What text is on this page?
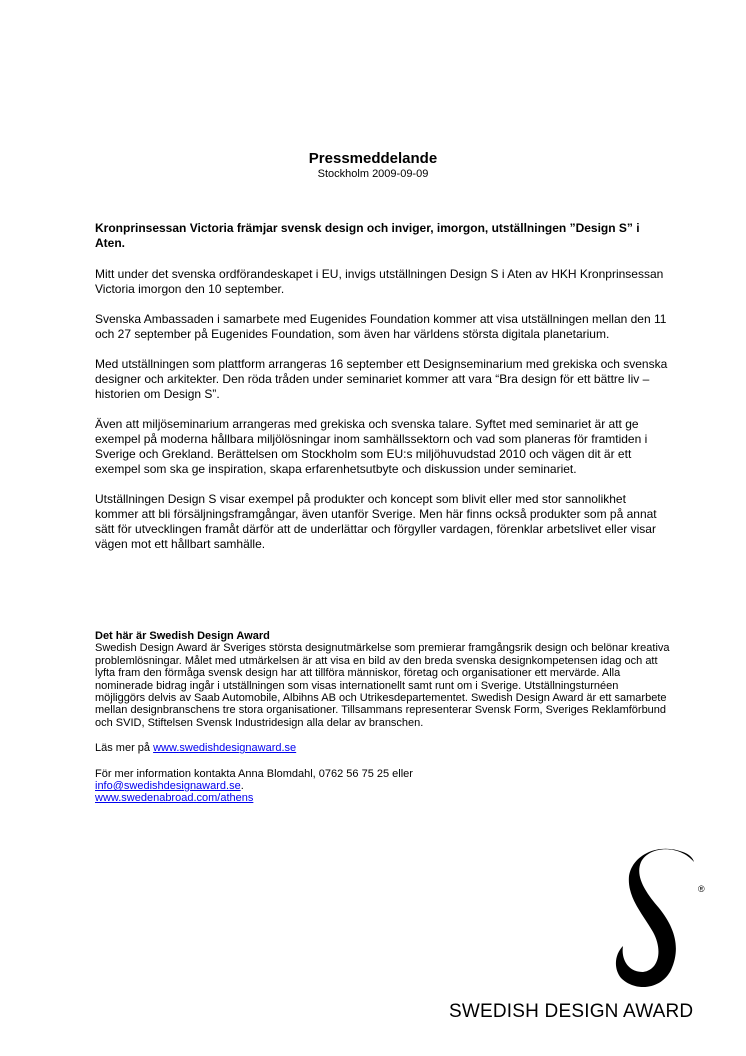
Pressmeddelande
Stockholm 2009-09-09

Kronprinsessan Victoria främjar svensk design och inviger, imorgon, utställningen ”Design S” i Aten.

Mitt under det svenska ordförandeskapet i EU, invigs utställningen Design S i Aten av HKH Kronprinsessan Victoria imorgon den 10 september.

Svenska Ambassaden i samarbete med Eugenides Foundation kommer att visa utställningen mellan den 11 och 27 september på Eugenides Foundation, som även har världens största digitala planetarium.

Med utställningen som plattform arrangeras 16 september ett Designseminarium med grekiska och svenska designer och arkitekter. Den röda tråden under seminariet kommer att vara “Bra design för ett bättre liv – historien om Design S”.

Även att miljöseminarium arrangeras med grekiska och svenska talare. Syftet med seminariet är att ge exempel på moderna hållbara miljölösningar inom samhällssektorn och vad som planeras för framtiden i Sverige och Grekland. Berättelsen om Stockholm som EU:s miljöhuvudstad 2010 och vägen dit är ett exempel som ska ge inspiration, skapa erfarenhetsutbyte och diskussion under seminariet.

Utställningen Design S visar exempel på produkter och koncept som blivit eller med stor sannolikhet kommer att bli försäljningsframgångar, även utanför Sverige. Men här finns också produkter som på annat sätt för utvecklingen framåt därför att de underlättar och förgyller vardagen, förenklar arbetslivet eller visar vägen mot ett hållbart samhälle.

Det här är Swedish Design Award

Swedish Design Award är Sveriges största designutmärkelse som premierar framgångsrik design och belönar kreativa problemlösningar. Målet med utmärkelsen är att visa en bild av den breda svenska designkompetensen idag och att lyfta fram den förmåga svensk design har att tillföra människor, företag och organisationer ett mervärde. Alla nominerade bidrag ingår i utställningen som visas internationellt samt runt om i Sverige. Utställningsturnéen möjliggörs delvis av Saab Automobile, Albihns AB och Utrikesdepartementet. Swedish Design Award är ett samarbete mellan designbranschens tre stora organisationer. Tillsammans representerar Svensk Form, Sveriges Reklamförbund och SVID, Stiftelsen Svensk Industridesign alla delar av branschen.

Läs mer på www.swedishdesignaward.se

För mer information kontakta Anna Blomdahl, 0762 56 75 25 eller
info@swedishdesignaward.se.
www.swedenabroad.com/athens
®
SWEDISH DESIGN AWARD
